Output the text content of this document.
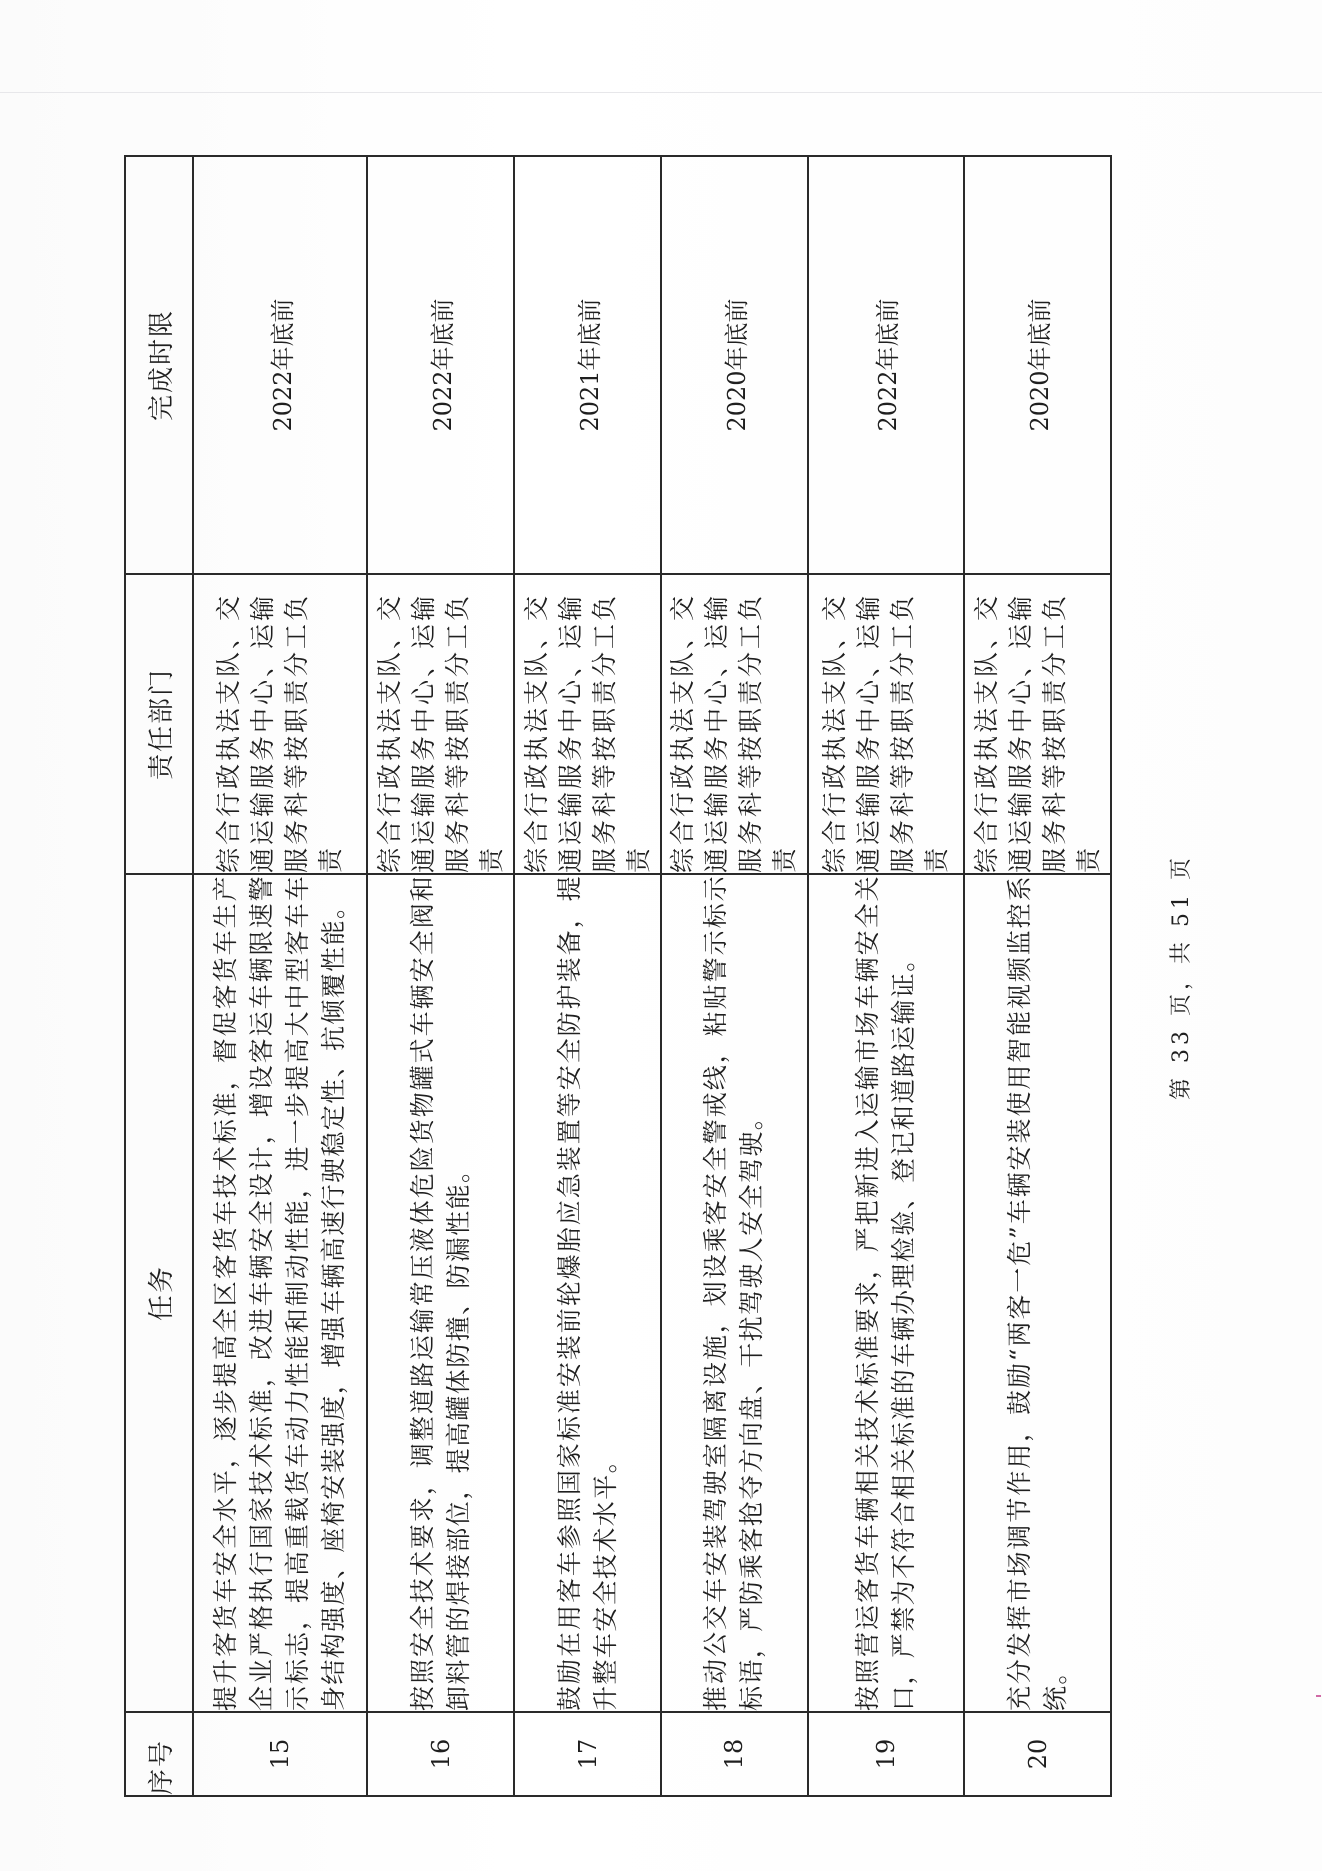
序号	任务	责任部门	完成时限
15	提升客货车安全水平，逐步提高全区客货车技术标准，督促客货车生产企业严格执行国家技术标准，改进车辆安全设计，增设客运车辆限速警示标志，提高重载货车动力性能和制动性能，进一步提高大中型客车车身结构强度、座椅安装强度，增强车辆高速行驶稳定性、抗倾覆性能。	综合行政执法支队、交通运输服务中心、运输服务科等按职责分工负责	2022年底前
16	按照安全技术要求，调整道路运输常压液体危险货物罐式车辆安全阀和卸料管的焊接部位，提高罐体防撞、防漏性能。	综合行政执法支队、交通运输服务中心、运输服务科等按职责分工负责	2022年底前
17	鼓励在用客车参照国家标准安装前轮爆胎应急装置等安全防护装备，提升整车安全技术水平。	综合行政执法支队、交通运输服务中心、运输服务科等按职责分工负责	2021年底前
18	推动公交车安装驾驶室隔离设施，划设乘客安全警戒线，粘贴警示标示标语，严防乘客抢夺方向盘、干扰驾驶人安全驾驶。	综合行政执法支队、交通运输服务中心、运输服务科等按职责分工负责	2020年底前
19	按照营运客货车辆相关技术标准要求，严把新进入运输市场车辆安全关口，严禁为不符合相关标准的车辆办理检验、登记和道路运输证。	综合行政执法支队、交通运输服务中心、运输服务科等按职责分工负责	2022年底前
20	充分发挥市场调节作用，鼓励“两客一危”车辆安装使用智能视频监控系统。	综合行政执法支队、交通运输服务中心、运输服务科等按职责分工负责	2020年底前
第 33 页，共 51 页
